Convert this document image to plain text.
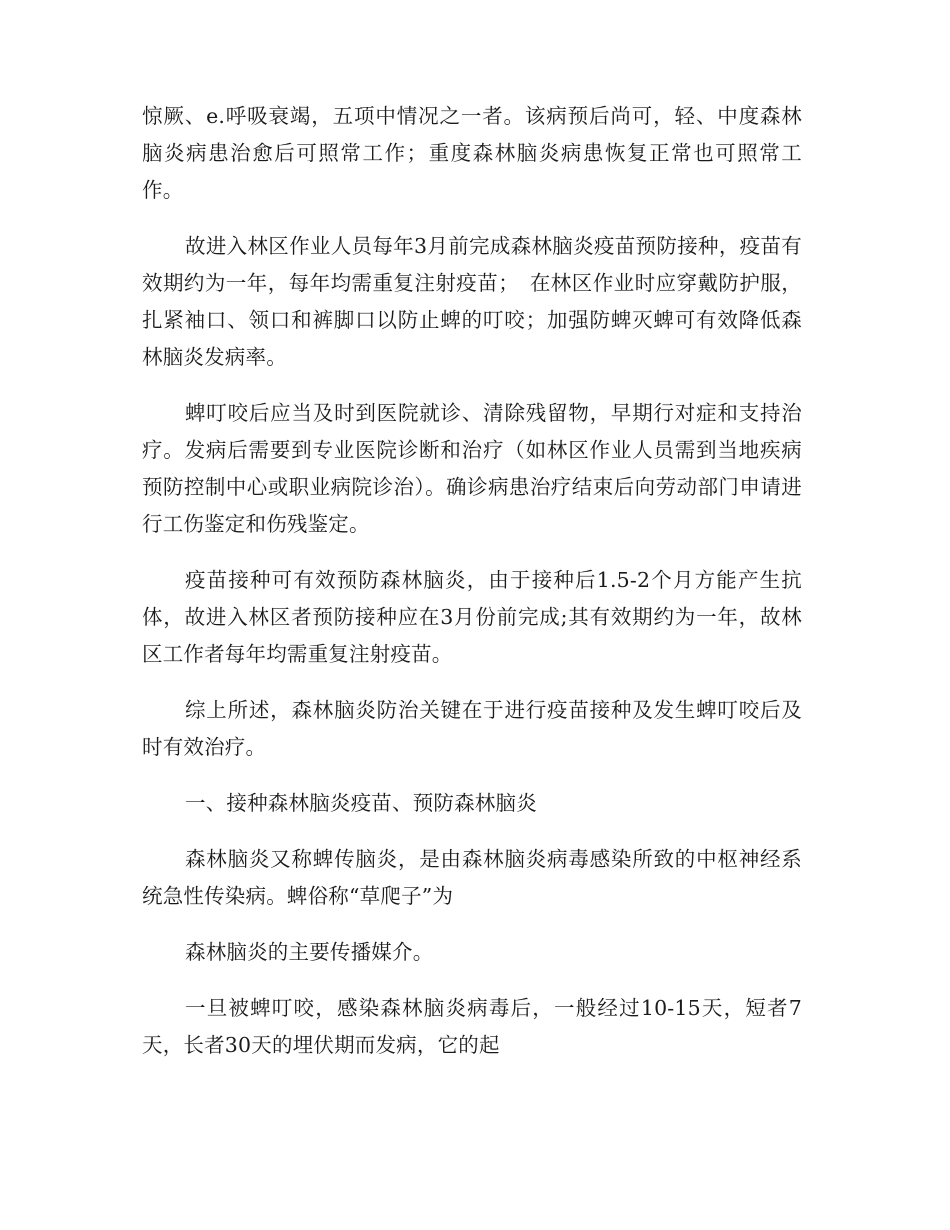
惊厥、e.呼吸衰竭，五项中情况之一者。该病预后尚可，轻、中度森林脑炎病患治愈后可照常工作；重度森林脑炎病患恢复正常也可照常工作。

故进入林区作业人员每年3月前完成森林脑炎疫苗预防接种，疫苗有效期约为一年，每年均需重复注射疫苗；　在林区作业时应穿戴防护服，扎紧袖口、领口和裤脚口以防止蜱的叮咬；加强防蜱灭蜱可有效降低森林脑炎发病率。

蜱叮咬后应当及时到医院就诊、清除残留物，早期行对症和支持治疗。发病后需要到专业医院诊断和治疗（如林区作业人员需到当地疾病预防控制中心或职业病院诊治）。确诊病患治疗结束后向劳动部门申请进行工伤鉴定和伤残鉴定。

疫苗接种可有效预防森林脑炎，由于接种后1.5-2个月方能产生抗体，故进入林区者预防接种应在3月份前完成;其有效期约为一年，故林区工作者每年均需重复注射疫苗。

综上所述，森林脑炎防治关键在于进行疫苗接种及发生蜱叮咬后及时有效治疗。

一、接种森林脑炎疫苗、预防森林脑炎

森林脑炎又称蜱传脑炎，是由森林脑炎病毒感染所致的中枢神经系统急性传染病。蜱俗称“草爬子”为

森林脑炎的主要传播媒介。

一旦被蜱叮咬，感染森林脑炎病毒后，一般经过10-15天，短者7天，长者30天的埋伏期而发病，它的起
